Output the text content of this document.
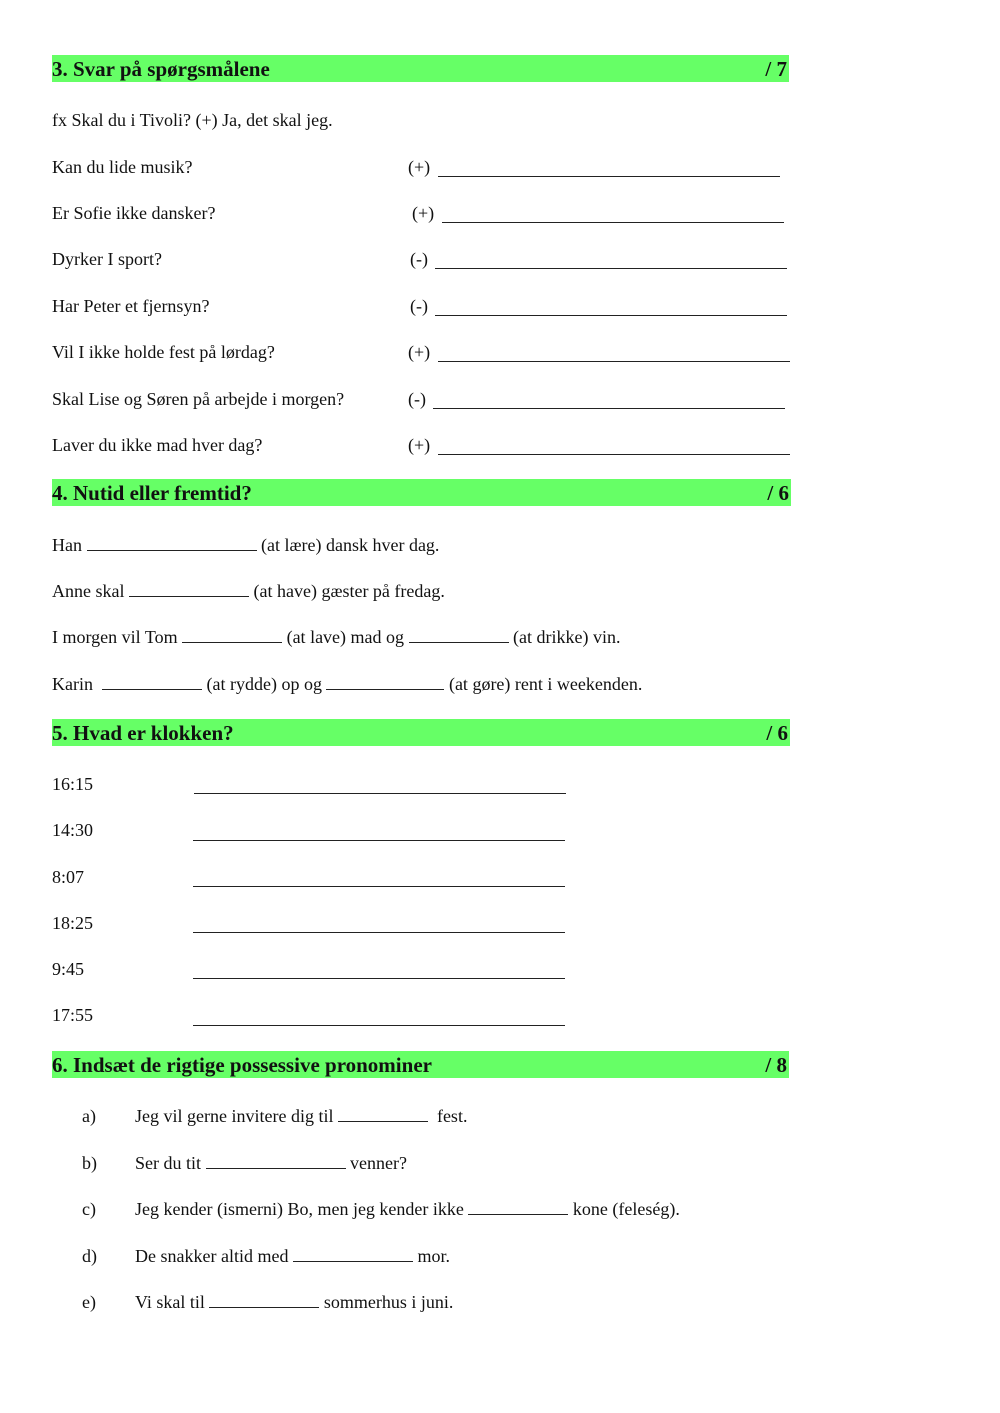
3. Svar på spørgsmålene	/ 7
fx Skal du i Tivoli? (+) Ja, det skal jeg.
Kan du lide musik?	(+)
Er Sofie ikke dansker?	(+)
Dyrker I sport?	(-)
Har Peter et fjernsyn?	(-)
Vil I ikke holde fest på lørdag?	(+)
Skal Lise og Søren på arbejde i morgen?	(-)
Laver du ikke mad hver dag?	(+)
4. Nutid eller fremtid?	/ 6
Han	(at lære) dansk hver dag.
Anne skal	(at have) gæster på fredag.
I morgen vil Tom	(at lave) mad og	(at drikke) vin.
Karin	(at rydde) op og	(at gøre) rent i weekenden.
5. Hvad er klokken?	/ 6
16:15
14:30
8:07
18:25
9:45
17:55
6. Indsæt de rigtige possessive pronominer	/ 8
a) Jeg vil gerne invitere dig til	fest.
b) Ser du tit	venner?
c) Jeg kender (ismerni) Bo, men jeg kender ikke	kone (feleség).
d) De snakker altid med	mor.
e) Vi skal til	sommerhus i juni.
